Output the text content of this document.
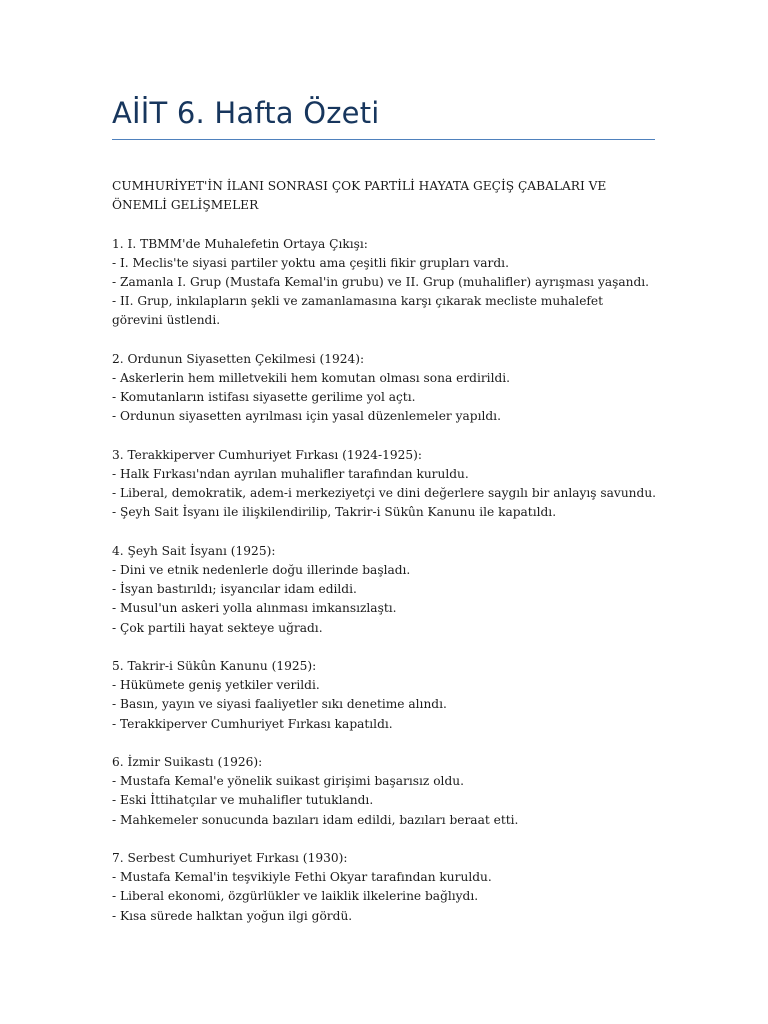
AİİT 6. Hafta Özeti

CUMHURİYET'İN İLANI SONRASI ÇOK PARTİLİ HAYATA GEÇİŞ ÇABALARI VE ÖNEMLİ GELİŞMELER

1. I. TBMM'de Muhalefetin Ortaya Çıkışı:

- I. Meclis'te siyasi partiler yoktu ama çeşitli fikir grupları vardı.

- Zamanla I. Grup (Mustafa Kemal'in grubu) ve II. Grup (muhalifler) ayrışması yaşandı.

- II. Grup, inkılapların şekli ve zamanlamasına karşı çıkarak mecliste muhalefet görevini üstlendi.

2. Ordunun Siyasetten Çekilmesi (1924):

- Askerlerin hem milletvekili hem komutan olması sona erdirildi.

- Komutanların istifası siyasette gerilime yol açtı.

- Ordunun siyasetten ayrılması için yasal düzenlemeler yapıldı.

3. Terakkiperver Cumhuriyet Fırkası (1924-1925):

- Halk Fırkası'ndan ayrılan muhalifler tarafından kuruldu.

- Liberal, demokratik, adem-i merkeziyetçi ve dini değerlere saygılı bir anlayış savundu.

- Şeyh Sait İsyanı ile ilişkilendirilip, Takrir-i Sükûn Kanunu ile kapatıldı.

4. Şeyh Sait İsyanı (1925):

- Dini ve etnik nedenlerle doğu illerinde başladı.

- İsyan bastırıldı; isyancılar idam edildi.

- Musul'un askeri yolla alınması imkansızlaştı.

- Çok partili hayat sekteye uğradı.

5. Takrir-i Sükûn Kanunu (1925):

- Hükümete geniş yetkiler verildi.

- Basın, yayın ve siyasi faaliyetler sıkı denetime alındı.

- Terakkiperver Cumhuriyet Fırkası kapatıldı.

6. İzmir Suikastı (1926):

- Mustafa Kemal'e yönelik suikast girişimi başarısız oldu.

- Eski İttihatçılar ve muhalifler tutuklandı.

- Mahkemeler sonucunda bazıları idam edildi, bazıları beraat etti.

7. Serbest Cumhuriyet Fırkası (1930):

- Mustafa Kemal'in teşvikiyle Fethi Okyar tarafından kuruldu.

- Liberal ekonomi, özgürlükler ve laiklik ilkelerine bağlıydı.

- Kısa sürede halktan yoğun ilgi gördü.
